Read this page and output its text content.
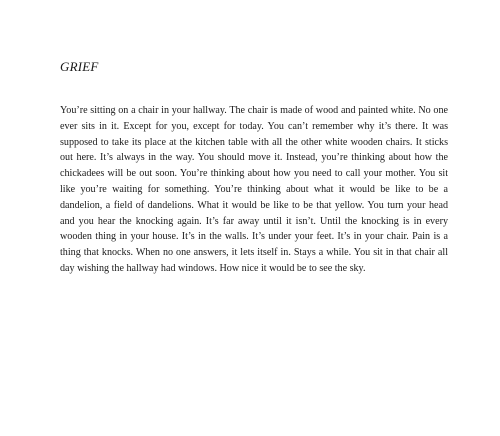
GRIEF

You’re sitting on a chair in your hallway. The chair is made of wood and painted white. No one ever sits in it. Except for you, except for today. You can’t remember why it’s there. It was supposed to take its place at the kitchen table with all the other white wooden chairs. It sticks out here. It’s always in the way. You should move it. Instead, you’re thinking about how the chickadees will be out soon. You’re thinking about how you need to call your mother. You sit like you’re waiting for something. You’re thinking about what it would be like to be a dandelion, a field of dandelions. What it would be like to be that yellow. You turn your head and you hear the knocking again. It’s far away until it isn’t. Until the knocking is in every wooden thing in your house. It’s in the walls. It’s under your feet. It’s in your chair. Pain is a thing that knocks. When no one answers, it lets itself in. Stays a while. You sit in that chair all day wishing the hallway had windows. How nice it would be to see the sky.
